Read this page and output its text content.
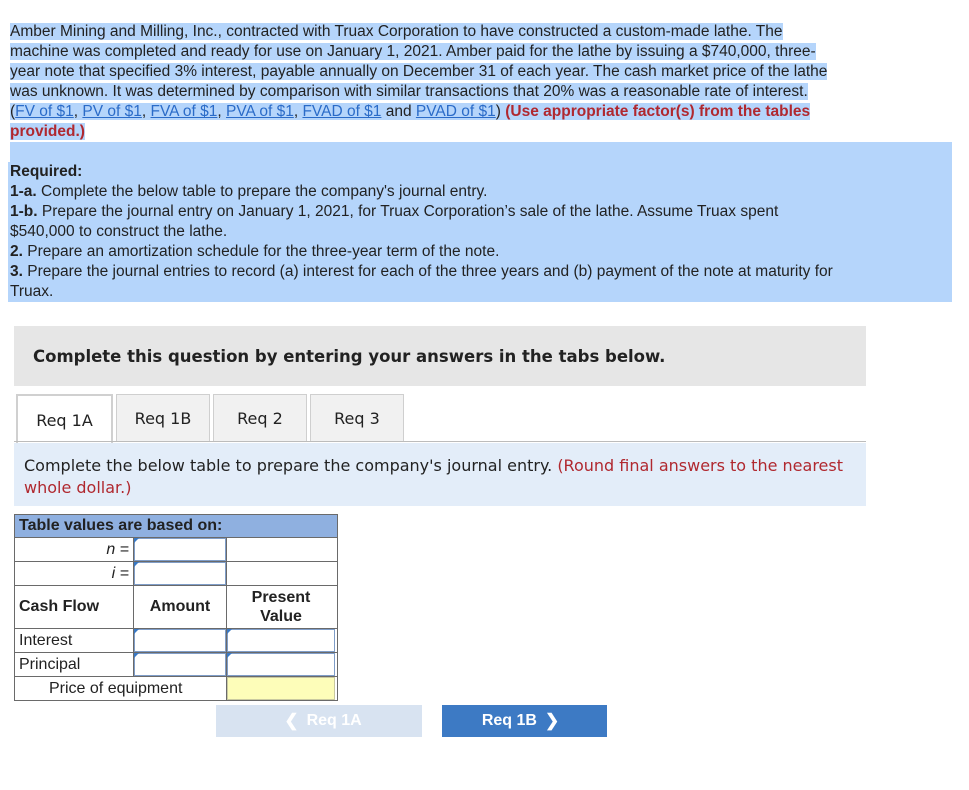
Amber Mining and Milling, Inc., contracted with Truax Corporation to have constructed a custom-made lathe. The
machine was completed and ready for use on January 1, 2021. Amber paid for the lathe by issuing a $740,000, three-
year note that specified 3% interest, payable annually on December 31 of each year. The cash market price of the lathe
was unknown. It was determined by comparison with similar transactions that 20% was a reasonable rate of interest.
(FV of $1, PV of $1, FVA of $1, PVA of $1, FVAD of $1 and PVAD of $1) (Use appropriate factor(s) from the tables
provided.)
Required:
1-a. Complete the below table to prepare the company's journal entry.
1-b. Prepare the journal entry on January 1, 2021, for Truax Corporation’s sale of the lathe. Assume Truax spent
$540,000 to construct the lathe.
2. Prepare an amortization schedule for the three-year term of the note.
3. Prepare the journal entries to record (a) interest for each of the three years and (b) payment of the note at maturity for
Truax.
Complete this question by entering your answers in the tabs below.
Req 1A	Req 1B	Req 2	Req 3

Complete the below table to prepare the company's journal entry. (Round final answers to the nearest whole dollar.)

Table values are based on:
n =
i =
Cash Flow	Amount
Present
Value
Interest
Principal
Price of equipment
❮ Req 1A	Req 1B ❯
